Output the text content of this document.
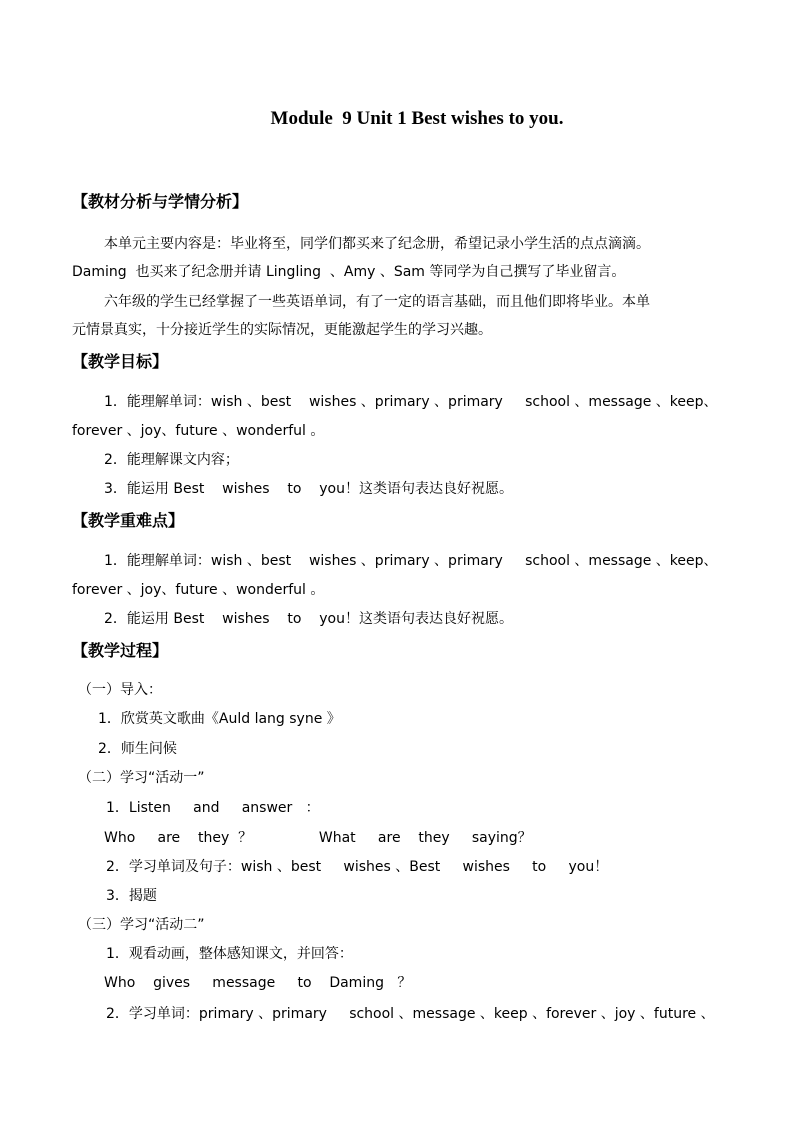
Module  9 Unit 1 Best wishes to you.
【教材分析与学情分析】
本单元主要内容是：毕业将至，同学们都买来了纪念册，希望记录小学生活的点点滴滴。
Daming  也买来了纪念册并请 Lingling  、Amy 、Sam 等同学为自己撰写了毕业留言。
六年级的学生已经掌握了一些英语单词，有了一定的语言基础，而且他们即将毕业。本单
元情景真实，十分接近学生的实际情况，更能激起学生的学习兴趣。
【教学目标】
1．能理解单词：wish 、best    wishes 、primary 、primary     school 、message 、keep、
forever 、joy、future 、wonderful 。
2．能理解课文内容；
3．能运用 Best    wishes    to    you！这类语句表达良好祝愿。
【教学重难点】
1．能理解单词：wish 、best    wishes 、primary 、primary     school 、message 、keep、
forever 、joy、future 、wonderful 。
2．能运用 Best    wishes    to    you！这类语句表达良好祝愿。
【教学过程】
（一）导入：
1．欣赏英文歌曲《Auld lang syne 》
2．师生问候
（二）学习“活动一”
1．Listen     and     answer   ：
Who     are    they  ？               What     are    they     saying？
2．学习单词及句子：wish 、best     wishes 、Best     wishes     to     you！
3．揭题
（三）学习“活动二”
1．观看动画，整体感知课文，并回答：
Who    gives     message     to    Daming   ？
2．学习单词：primary 、primary     school 、message 、keep 、forever 、joy 、future 、
